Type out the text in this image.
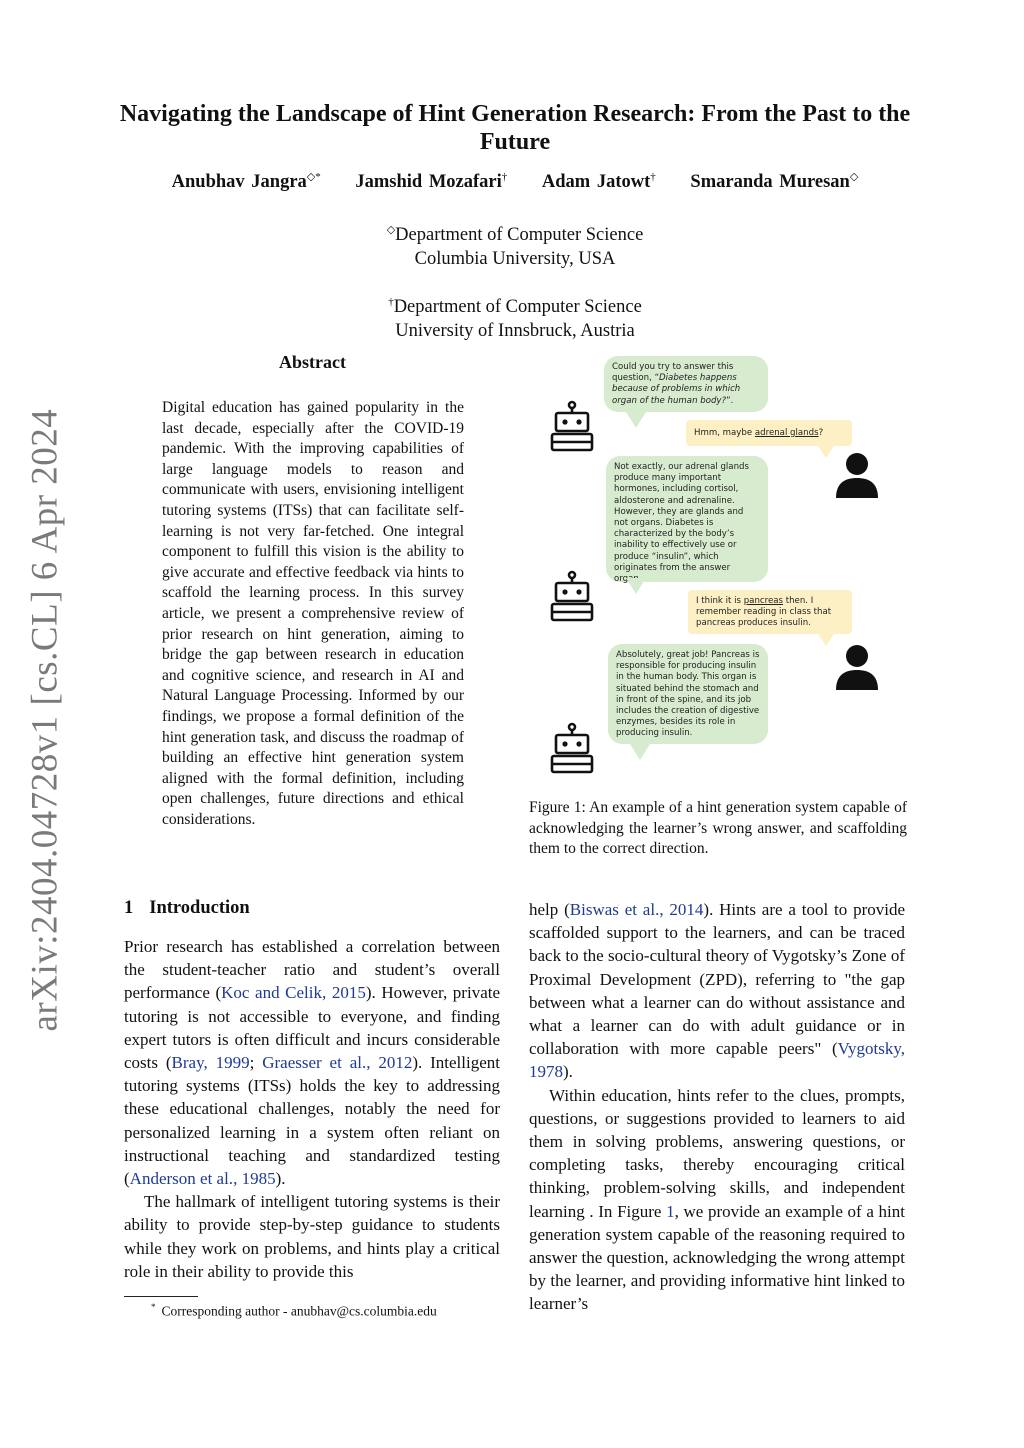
Navigating the Landscape of Hint Generation Research: From the Past to the Future
Anubhav Jangra◇* Jamshid Mozafari† Adam Jatowt† Smaranda Muresan◇
◇Department of Computer Science
Columbia University, USA
†Department of Computer Science
University of Innsbruck, Austria
arXiv:2404.04728v1 [cs.CL] 6 Apr 2024
Abstract
Digital education has gained popularity in the last decade, especially after the COVID-19 pandemic. With the improving capabilities of large language models to reason and communicate with users, envisioning intelligent tutoring systems (ITSs) that can facilitate self-learning is not very far-fetched. One integral component to fulfill this vision is the ability to give accurate and effective feedback via hints to scaffold the learning process. In this survey article, we present a comprehensive review of prior research on hint generation, aiming to bridge the gap between research in education and cognitive science, and research in AI and Natural Language Processing. Informed by our findings, we propose a formal definition of the hint generation task, and discuss the roadmap of building an effective hint generation system aligned with the formal definition, including open challenges, future directions and ethical considerations.
Could you try to answer this question, “Diabetes happens because of problems in which organ of the human body?”.
Hmm, maybe adrenal glands?
Not exactly, our adrenal glands produce many important hormones, including cortisol, aldosterone and adrenaline. However, they are glands and not organs. Diabetes is characterized by the body’s inability to effectively use or produce “insulin”, which originates from the answer organ.
I think it is pancreas then. I remember reading in class that pancreas produces insulin.
Absolutely, great job! Pancreas is responsible for producing insulin in the human body. This organ is situated behind the stomach and in front of the spine, and its job includes the creation of digestive enzymes, besides its role in producing insulin.
Figure 1: An example of a hint generation system capable of acknowledging the learner’s wrong answer, and scaffolding them to the correct direction.
1 Introduction

Prior research has established a correlation between the student-teacher ratio and student’s overall performance (Koc and Celik, 2015). However, private tutoring is not accessible to everyone, and finding expert tutors is often difficult and incurs considerable costs (Bray, 1999; Graesser et al., 2012). Intelligent tutoring systems (ITSs) holds the key to addressing these educational challenges, notably the need for personalized learning in a system often reliant on instructional teaching and standardized testing (Anderson et al., 1985).

The hallmark of intelligent tutoring systems is their ability to provide step-by-step guidance to students while they work on problems, and hints play a critical role in their ability to provide this

* Corresponding author - anubhav@cs.columbia.edu

help (Biswas et al., 2014). Hints are a tool to provide scaffolded support to the learners, and can be traced back to the socio-cultural theory of Vygotsky’s Zone of Proximal Development (ZPD), referring to "the gap between what a learner can do without assistance and what a learner can do with adult guidance or in collaboration with more capable peers" (Vygotsky, 1978).

Within education, hints refer to the clues, prompts, questions, or suggestions provided to learners to aid them in solving problems, answering questions, or completing tasks, thereby encouraging critical thinking, problem-solving skills, and independent learning . In Figure 1, we provide an example of a hint generation system capable of the reasoning required to answer the question, acknowledging the wrong attempt by the learner, and providing informative hint linked to learner’s
